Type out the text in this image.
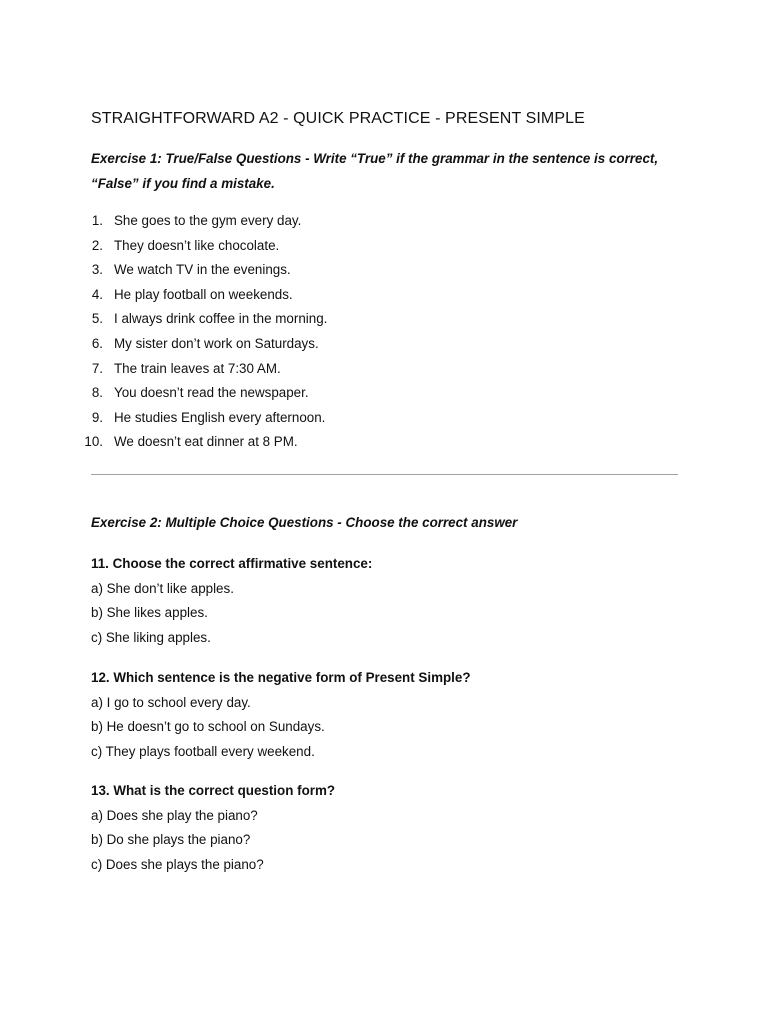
STRAIGHTFORWARD A2 - QUICK PRACTICE - PRESENT SIMPLE

Exercise 1: True/False Questions - Write “True” if the grammar in the sentence is correct, “False” if you find a mistake.

1. She goes to the gym every day.
2. They doesn’t like chocolate.
3. We watch TV in the evenings.
4. He play football on weekends.
5. I always drink coffee in the morning.
6. My sister don’t work on Saturdays.
7. The train leaves at 7:30 AM.
8. You doesn’t read the newspaper.
9. He studies English every afternoon.
10. We doesn’t eat dinner at 8 PM.

Exercise 2: Multiple Choice Questions - Choose the correct answer

11. Choose the correct affirmative sentence:

a) She don’t like apples.

b) She likes apples.

c) She liking apples.

12. Which sentence is the negative form of Present Simple?

a) I go to school every day.

b) He doesn’t go to school on Sundays.

c) They plays football every weekend.

13. What is the correct question form?

a) Does she play the piano?

b) Do she plays the piano?

c) Does she plays the piano?
